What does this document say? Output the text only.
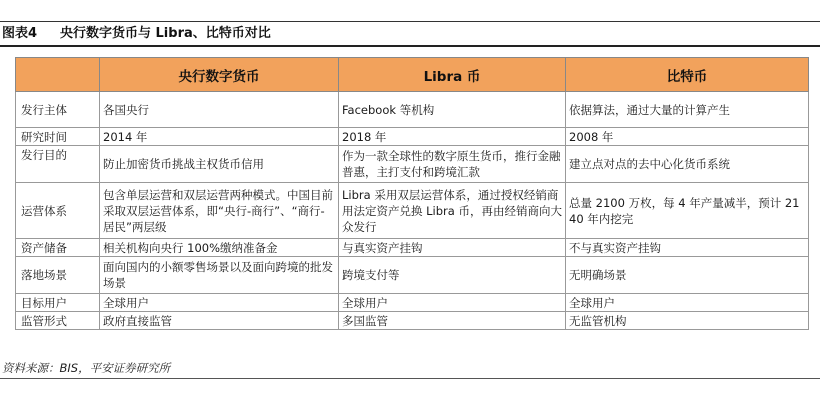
图表4 央行数字货币与 Libra、比特币对比
	央行数字货币	Libra 币	比特币
发行主体	各国央行	Facebook 等机构	依据算法，通过大量的计算产生
研究时间	2014 年	2018 年	2008 年
发行目的	防止加密货币挑战主权货币信用	作为一款全球性的数字原生货币，推行金融普惠，主打支付和跨境汇款	建立点对点的去中心化货币系统
运营体系	包含单层运营和双层运营两种模式。中国目前采取双层运营体系，即“央行-商行”、“商行-居民”两层级	Libra 采用双层运营体系，通过授权经销商用法定资产兑换 Libra 币，再由经销商向大众发行	总量 2100 万枚，每 4 年产量减半，预计 2140 年内挖完
资产储备	相关机构向央行 100%缴纳准备金	与真实资产挂钩	不与真实资产挂钩
落地场景	面向国内的小额零售场景以及面向跨境的批发场景	跨境支付等	无明确场景
目标用户	全球用户	全球用户	全球用户
监管形式	政府直接监管	多国监管	无监管机构
资料来源：BIS，平安证券研究所
